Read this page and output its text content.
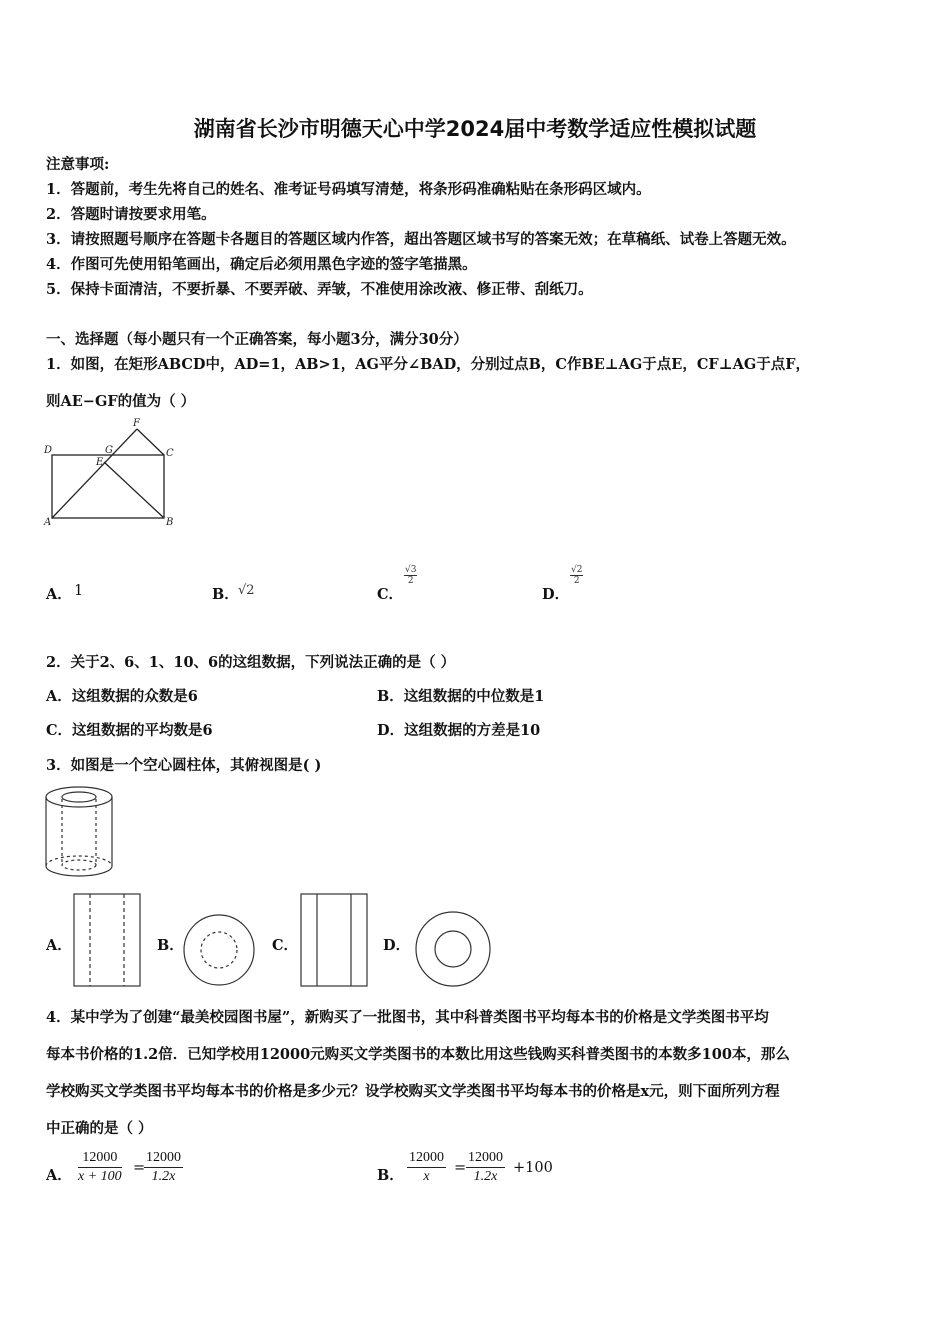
湖南省长沙市明德天心中学2024届中考数学适应性模拟试题
注意事项:
1．答题前，考生先将自己的姓名、准考证号码填写清楚，将条形码准确粘贴在条形码区域内。
2．答题时请按要求用笔。
3．请按照题号顺序在答题卡各题目的答题区域内作答，超出答题区域书写的答案无效；在草稿纸、试卷上答题无效。
4．作图可先使用铅笔画出，确定后必须用黑色字迹的签字笔描黑。
5．保持卡面清洁，不要折暴、不要弄破、弄皱，不准使用涂改液、修正带、刮纸刀。
一、选择题（每小题只有一个正确答案，每小题3分，满分30分）
1．如图，在矩形ABCD中，AD=1，AB>1，AG平分∠BAD，分别过点B，C作BE⊥AG于点E，CF⊥AG于点F，
则AE−GF的值为（ ）
D
A	B
C
F
G
E
A． 1	B． √2	C．
$\frac{√3}{2}$
D．
$\frac{√2}{2}$
2．关于2、6、1、10、6的这组数据，下列说法正确的是（ ）
A．这组数据的众数是6	B．这组数据的中位数是1
C．这组数据的平均数是6	D．这组数据的方差是10
3．如图是一个空心圆柱体，其俯视图是( )
A．	B．	C．	D．
4．某中学为了创建“最美校园图书屋”，新购买了一批图书，其中科普类图书平均每本书的价格是文学类图书平均
每本书价格的1.2倍．已知学校用12000元购买文学类图书的本数比用这些钱购买科普类图书的本数多100本，那么
学校购买文学类图书平均每本书的价格是多少元？设学校购买文学类图书平均每本书的价格是x元，则下面所列方程
中正确的是（ ）
A． $\frac{12000}{x + 100}$ =
$\frac{12000}{1.2x}$	B． $\frac{12000}{x} = \frac{12000}{1.2x} +100$
